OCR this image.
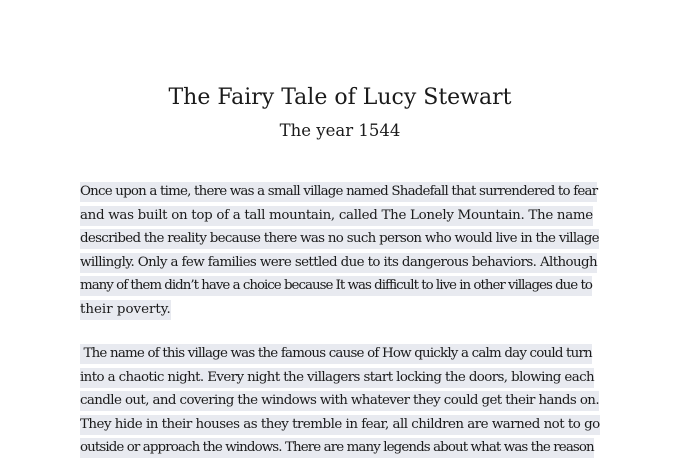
The Fairy Tale of Lucy Stewart
The year 1544
Once upon a time, there was a small village named Shadefall that surrendered to fear
and was built on top of a tall mountain, called The Lonely Mountain. The name
described the reality because there was no such person who would live in the village
willingly. Only a few families were settled due to its dangerous behaviors. Although
many of them didn’t have a choice because It was difficult to live in other villages due to
their poverty.
The name of this village was the famous cause of How quickly a calm day could turn
into a chaotic night. Every night the villagers start locking the doors, blowing each
candle out, and covering the windows with whatever they could get their hands on.
They hide in their houses as they tremble in fear, all children are warned not to go
outside or approach the windows. There are many legends about what was the reason
